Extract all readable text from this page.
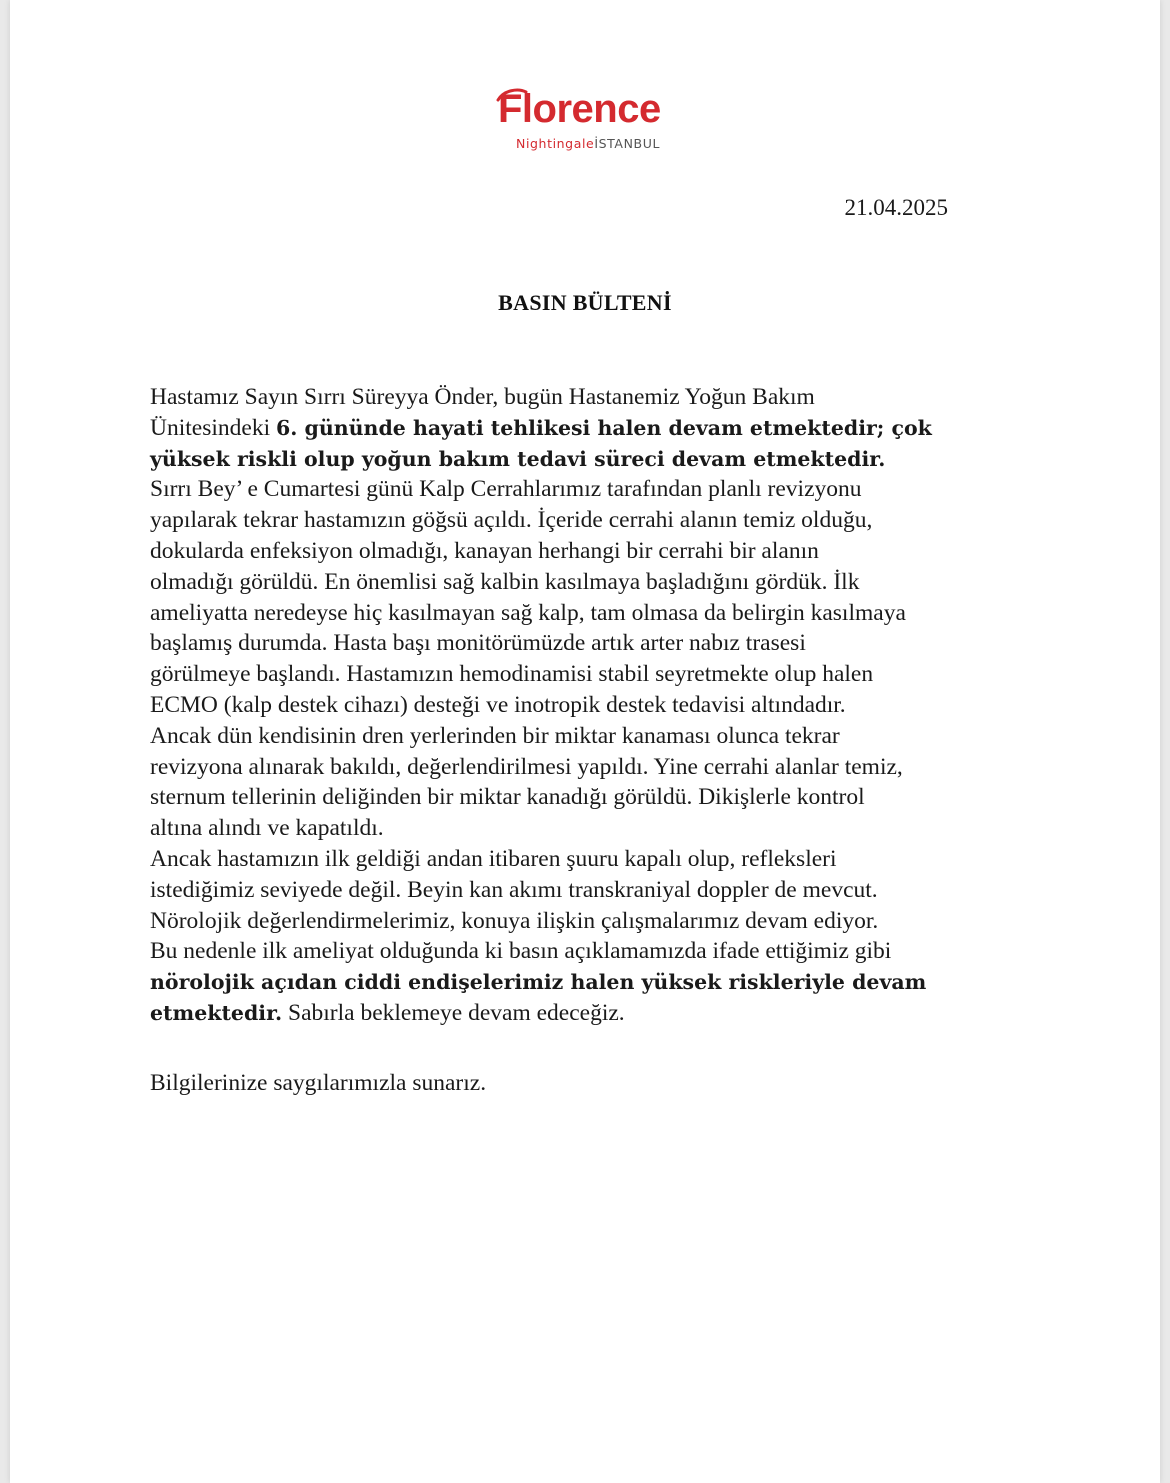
Florence
NightingaleİSTANBUL
21.04.2025
BASIN BÜLTENİ
Hastamız Sayın Sırrı Süreyya Önder, bugün Hastanemiz Yoğun Bakım
Ünitesindeki 6. gününde hayati tehlikesi halen devam etmektedir; çok
yüksek riskli olup yoğun bakım tedavi süreci devam etmektedir.
Sırrı Bey’ e Cumartesi günü Kalp Cerrahlarımız tarafından planlı revizyonu
yapılarak tekrar hastamızın göğsü açıldı. İçeride cerrahi alanın temiz olduğu,
dokularda enfeksiyon olmadığı, kanayan herhangi bir cerrahi bir alanın
olmadığı görüldü. En önemlisi sağ kalbin kasılmaya başladığını gördük. İlk
ameliyatta neredeyse hiç kasılmayan sağ kalp, tam olmasa da belirgin kasılmaya
başlamış durumda. Hasta başı monitörümüzde artık arter nabız trasesi
görülmeye başlandı. Hastamızın hemodinamisi stabil seyretmekte olup halen
ECMO (kalp destek cihazı) desteği ve inotropik destek tedavisi altındadır.
Ancak dün kendisinin dren yerlerinden bir miktar kanaması olunca tekrar
revizyona alınarak bakıldı, değerlendirilmesi yapıldı. Yine cerrahi alanlar temiz,
sternum tellerinin deliğinden bir miktar kanadığı görüldü. Dikişlerle kontrol
altına alındı ve kapatıldı.
Ancak hastamızın ilk geldiği andan itibaren şuuru kapalı olup, refleksleri
istediğimiz seviyede değil. Beyin kan akımı transkraniyal doppler de mevcut.
Nörolojik değerlendirmelerimiz, konuya ilişkin çalışmalarımız devam ediyor.
Bu nedenle ilk ameliyat olduğunda ki basın açıklamamızda ifade ettiğimiz gibi
nörolojik açıdan ciddi endişelerimiz halen yüksek riskleriyle devam
etmektedir. Sabırla beklemeye devam edeceğiz.
Bilgilerinize saygılarımızla sunarız.
